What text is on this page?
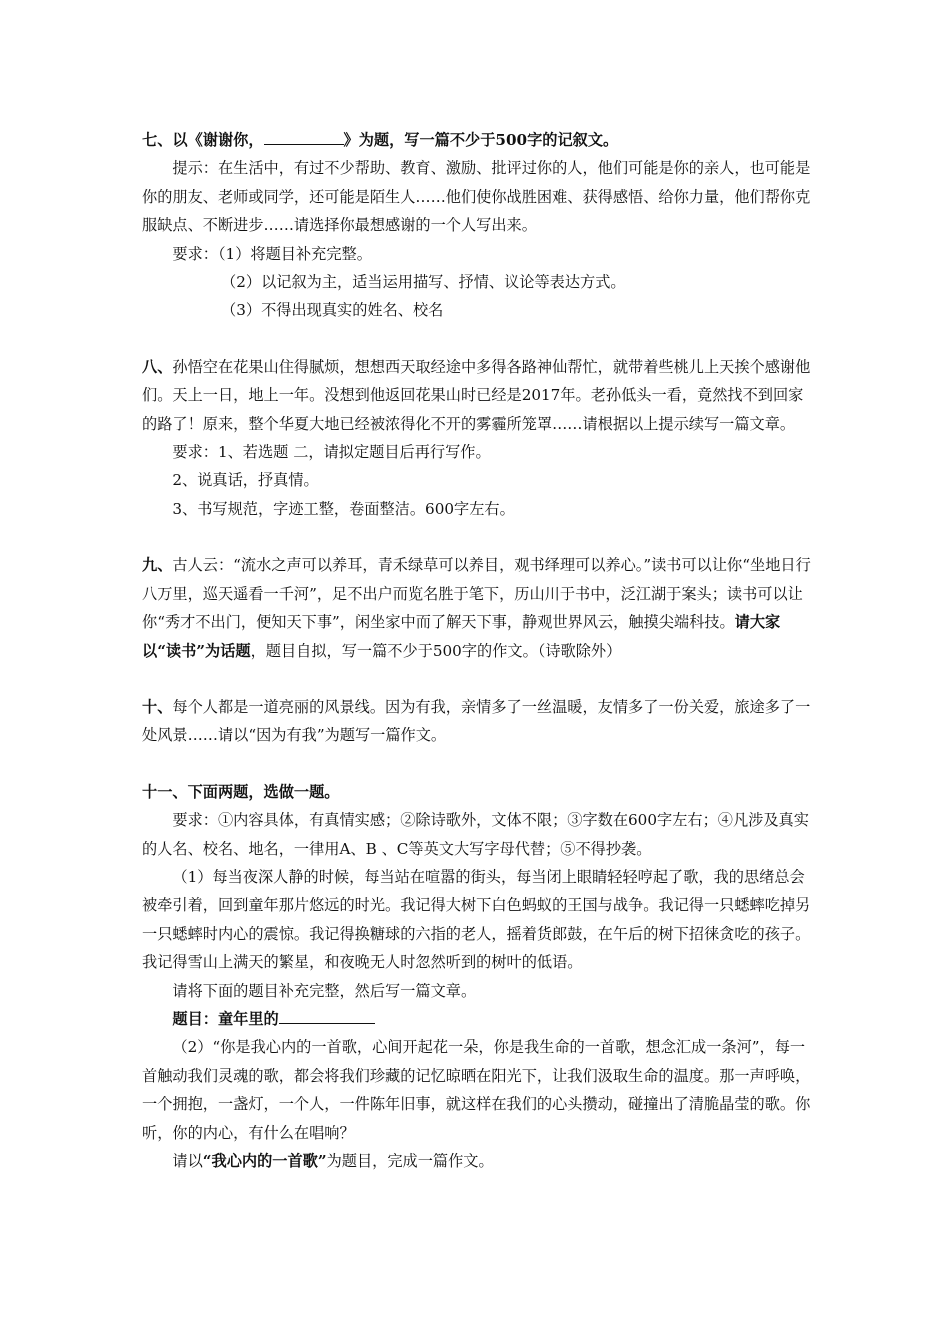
七、以《谢谢你，	》为题，写一篇不少于500字的记叙文。

提示：在生活中，有过不少帮助、教育、激励、批评过你的人，他们可能是你的亲人，也可能是你的朋友、老师或同学，还可能是陌生人……他们使你战胜困难、获得感悟、给你力量，他们帮你克服缺点、不断进步……请选择你最想感谢的一个人写出来。

要求：（1）将题目补充完整。

（2）以记叙为主，适当运用描写、抒情、议论等表达方式。

（3）不得出现真实的姓名、校名

八、孙悟空在花果山住得腻烦，想想西天取经途中多得各路神仙帮忙，就带着些桃儿上天挨个感谢他们。天上一日，地上一年。没想到他返回花果山时已经是2017年。老孙低头一看，竟然找不到回家的路了！原来，整个华夏大地已经被浓得化不开的雾霾所笼罩……请根据以上提示续写一篇文章。

要求：1、若选题 二，请拟定题目后再行写作。

2、说真话，抒真情。

3、书写规范，字迹工整，卷面整洁。600字左右。

九、古人云：“流水之声可以养耳，青禾绿草可以养目，观书绎理可以养心。”读书可以让你“坐地日行八万里，巡天遥看一千河”，足不出户而览名胜于笔下，历山川于书中，泛江湖于案头；读书可以让你“秀才不出门，便知天下事”，闲坐家中而了解天下事，静观世界风云，触摸尖端科技。请大家以“读书”为话题，题目自拟，写一篇不少于500字的作文。（诗歌除外）

十、每个人都是一道亮丽的风景线。因为有我，亲情多了一丝温暖，友情多了一份关爱，旅途多了一处风景……请以“因为有我”为题写一篇作文。

十一、下面两题，选做一题。

要求：①内容具体，有真情实感；②除诗歌外，文体不限；③字数在600字左右；④凡涉及真实的人名、校名、地名，一律用A、B 、C等英文大写字母代替；⑤不得抄袭。

（1）每当夜深人静的时候，每当站在喧嚣的街头，每当闭上眼睛轻轻哼起了歌，我的思绪总会被牵引着，回到童年那片悠远的时光。我记得大树下白色蚂蚁的王国与战争。我记得一只蟋蟀吃掉另一只蟋蟀时内心的震惊。我记得换糖球的六指的老人，摇着货郎鼓，在午后的树下招徕贪吃的孩子。我记得雪山上满天的繁星，和夜晚无人时忽然听到的树叶的低语。

请将下面的题目补充完整，然后写一篇文章。

题目：童年里的

（2）“你是我心内的一首歌，心间开起花一朵，你是我生命的一首歌，想念汇成一条河”，每一首触动我们灵魂的歌，都会将我们珍藏的记忆晾晒在阳光下，让我们汲取生命的温度。那一声呼唤，一个拥抱，一盏灯，一个人，一件陈年旧事，就这样在我们的心头攒动，碰撞出了清脆晶莹的歌。你听，你的内心，有什么在唱响？

请以“我心内的一首歌”为题目，完成一篇作文。
